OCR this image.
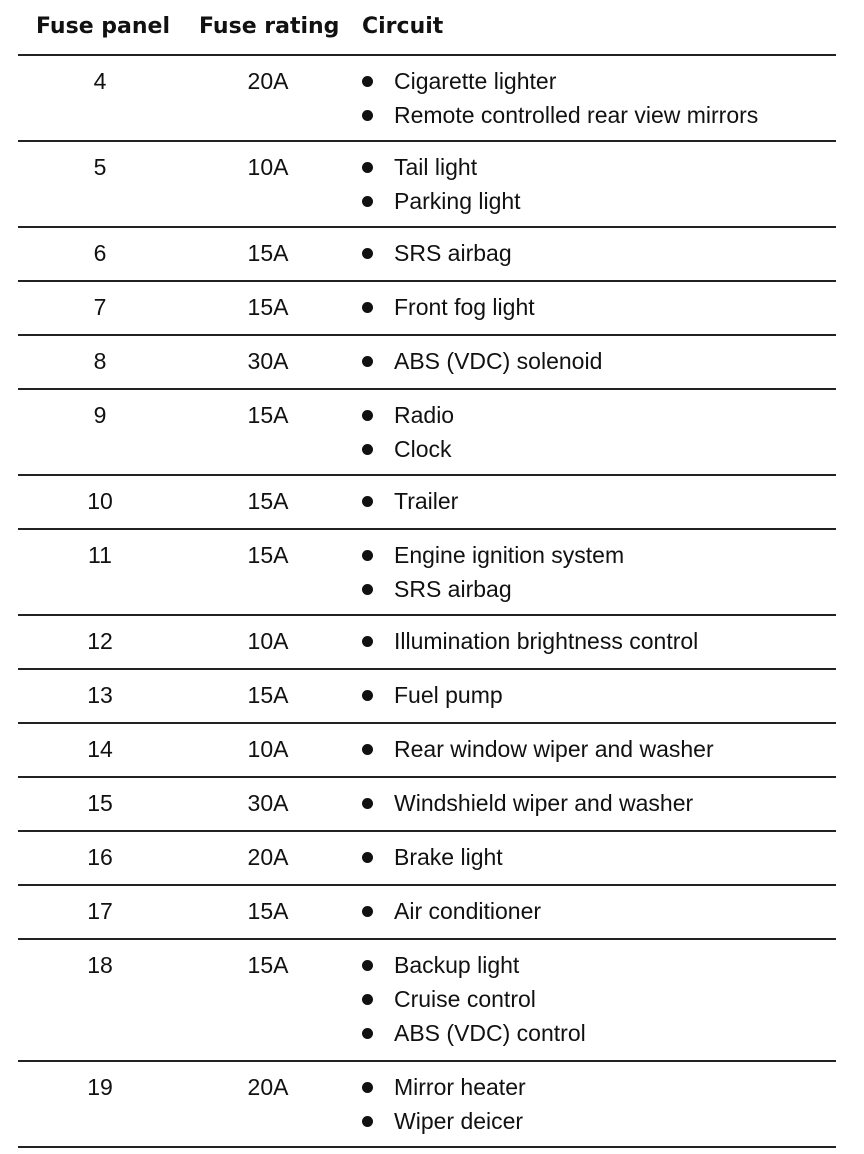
Fuse panel Fuse rating Circuit
4	20A	Cigarette lighter
Remote controlled rear view mirrors
5	10A	Tail light
Parking light
6	15A	SRS airbag
7	15A	Front fog light
8	30A	ABS (VDC) solenoid
9	15A	Radio
Clock
10	15A	Trailer
11	15A	Engine ignition system
SRS airbag
12	10A	Illumination brightness control
13	15A	Fuel pump
14	10A	Rear window wiper and washer
15	30A	Windshield wiper and washer
16	20A	Brake light
17	15A	Air conditioner
18	15A	Backup light
Cruise control
ABS (VDC) control
19	20A	Mirror heater
Wiper deicer
